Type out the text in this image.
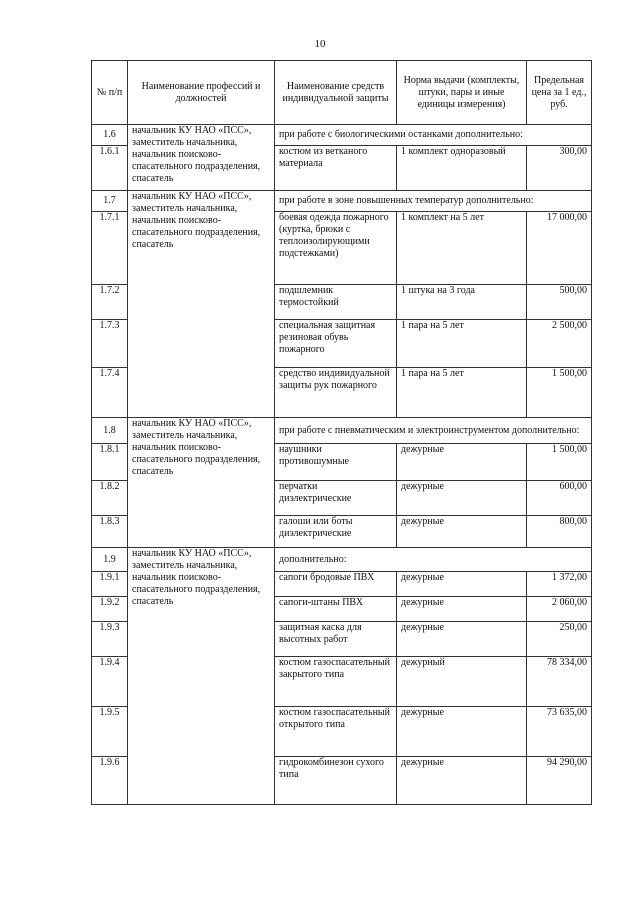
10
№ п/п	Наименование профессий и должностей	Наименование средств индивидуальной защиты	Норма выдачи (комплекты, штуки, пары и иные единицы измерения)	Предельная цена за 1 ед., руб.
1.6	начальник КУ НАО «ПСС», заместитель начальника, начальник поисково-спасательного подразделения, спасатель	при работе с биологическими останками дополнительно:		
1.6.1		костюм из ветканого материала	1 комплект одноразовый	300,00
1.7	начальник КУ НАО «ПСС», заместитель начальника, начальник поисково-спасательного подразделения, спасатель	при работе в зоне повышенных температур дополнительно:		
1.7.1		боевая одежда пожарного (куртка, брюки с теплоизолирующими подстежками)	1 комплект на 5 лет	17 000,00
1.7.2		подшлемник термостойкий	1 штука на 3 года	500,00
1.7.3		специальная защитная резиновая обувь пожарного	1 пара на 5 лет	2 500,00
1.7.4		средство индивидуальной защиты рук пожарного	1 пара на 5 лет	1 500,00
1.8	начальник КУ НАО «ПСС», заместитель начальника, начальник поисково-спасательного подразделения, спасатель	при работе с пневматическим и электроинструментом дополнительно:		
1.8.1		наушники противошумные	дежурные	1 500,00
1.8.2		перчатки диэлектрические	дежурные	600,00
1.8.3		галоши или боты диэлектрические	дежурные	800,00
1.9	начальник КУ НАО «ПСС», заместитель начальника, начальник поисково-спасательного подразделения, спасатель	дополнительно:		
1.9.1		сапоги бродовые ПВХ	дежурные	1 372,00
1.9.2		сапоги-штаны ПВХ	дежурные	2 060,00
1.9.3		защитная каска для высотных работ	дежурные	250,00
1.9.4		костюм газоспасательный закрытого типа	дежурный	78 334,00
1.9.5		костюм газоспасательный открытого типа	дежурные	73 635,00
1.9.6		гидрокомбинезон сухого типа	дежурные	94 290,00
